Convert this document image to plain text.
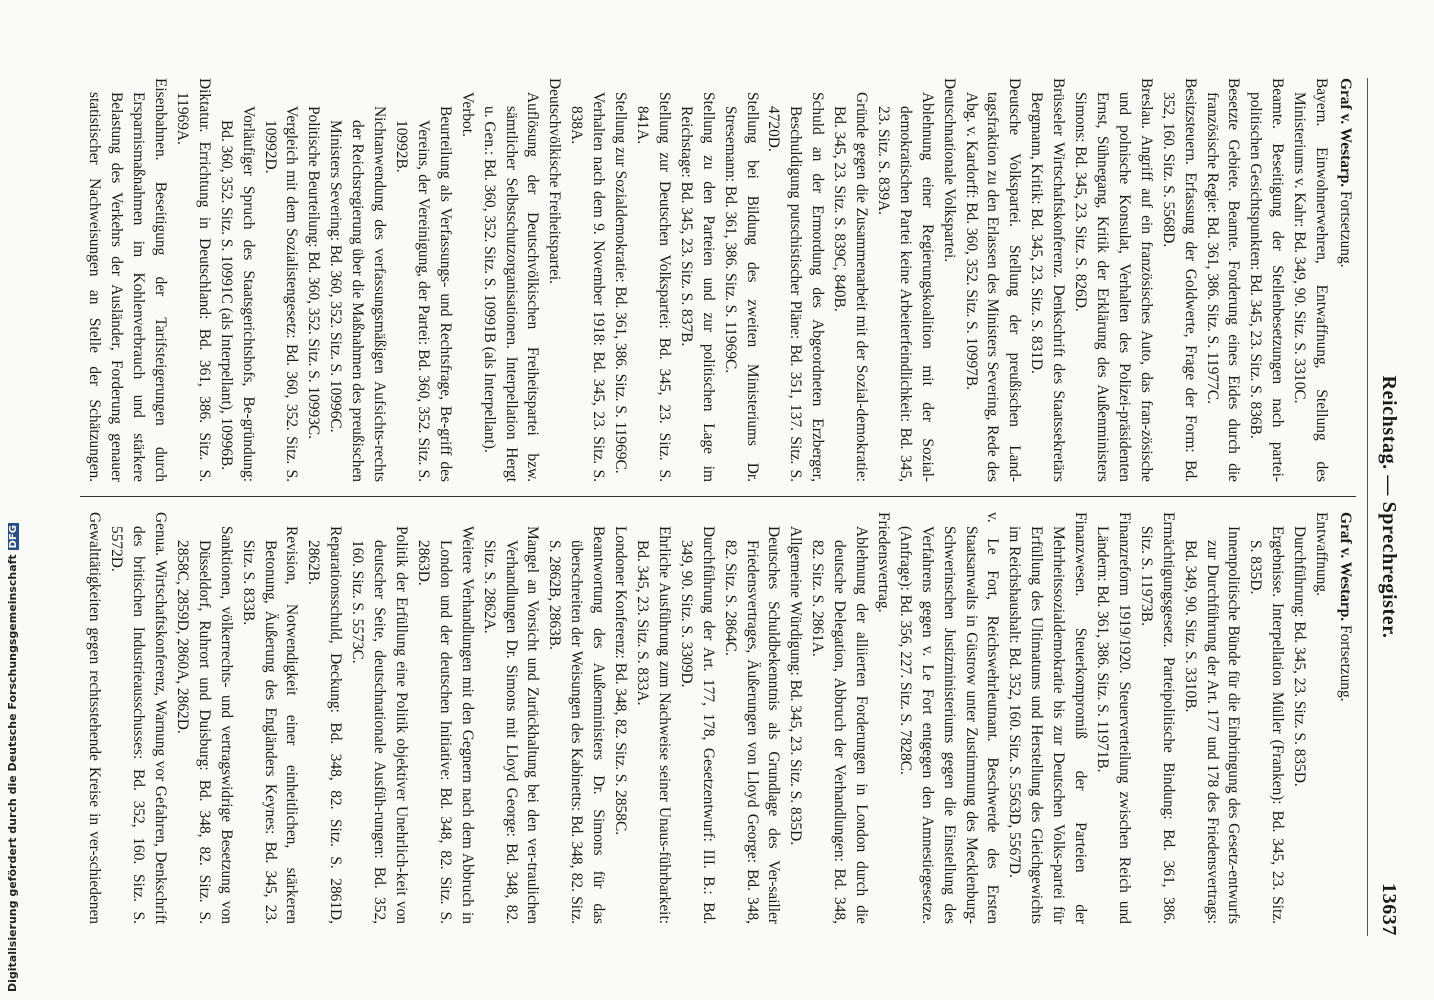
Reichstag. — Sprechregister.
13637

Graf v. Westarp. Fortsetzung.

Bayern. Einwohnerwehren, Entwaffnung, Stellung des Ministeriums v. Kahr: Bd. 349, 90. Sitz. S. 3310C.

Beamte. Beseitigung der Stellenbesetzungen nach partei-politischen Gesichtspunkten: Bd. 345, 23. Sitz. S. 836B.

Besetzte Gebiete. Beamte. Forderung eines Eides durch die französische Regie: Bd. 361, 386. Sitz. S. 11977C.

Besitzsteuern. Erfassung der Goldwerte, Frage der Form: Bd. 352, 160. Sitz. S. 5568D.

Breslau. Angriff auf ein französisches Auto, das fran-zösische und polnische Konsulat, Verhalten des Polizei-präsidenten Ernst, Sühnegang, Kritik der Erklärung des Außenministers Simons: Bd. 345, 23. Sitz. S. 826D.

Brüsseler Wirtschaftskonferenz. Denkschrift des Staatssekretärs Bergmann, Kritik: Bd. 345, 23. Sitz. S. 831D.

Deutsche Volkspartei. Stellung der preußischen Land-tagsfraktion zu den Erlassen des Ministers Severing, Rede des Abg. v. Kardorff: Bd. 360, 352. Sitz. S. 10997B.

Deutschnationale Volkspartei.

Ablehnung einer Regierungskoalition mit der Sozial-demokratischen Partei keine Arbeiterfeindlichkeit: Bd. 345, 23. Sitz. S. 839A.

Gründe gegen die Zusammenarbeit mit der Sozial-demokratie: Bd. 345, 23. Sitz. S. 839C, 840B.

Schuld an der Ermordung des Abgeordneten Erzberger, Beschuldigung putschistischer Pläne: Bd. 351, 137. Sitz. S. 4720D.

Stellung bei Bildung des zweiten Ministeriums Dr. Stresemann: Bd. 361, 386. Sitz. S. 11969C.

Stellung zu den Parteien und zur politischen Lage im Reichstage: Bd. 345, 23. Sitz. S. 837B.

Stellung zur Deutschen Volkspartei: Bd. 345, 23. Sitz. S. 841A.

Stellung zur Sozialdemokratie: Bd. 361, 386. Sitz. S. 11969C.

Verhalten nach dem 9. November 1918: Bd. 345, 23. Sitz. S. 838A.

Deutschvölkische Freiheitspartei.

Auflösung der Deutschvölkischen Freiheitspartei bzw. sämtlicher Selbstschutzorganisationen. Interpellation Hergt u. Gen.: Bd. 360, 352. Sitz. S. 10991B (als Interpellant).

Verbot.

Beurteilung als Verfassungs- und Rechtsfrage, Be-griff des Vereins, der Vereinigung, der Partei: Bd. 360, 352. Sitz. S. 10992B.

Nichtanwendung des verfassungsmäßigen Aufsichts-rechts der Reichsregierung über die Maßnahmen des preußischen Ministers Severing: Bd. 360, 352. Sitz. S. 10996C.

Politische Beurteilung: Bd. 360, 352. Sitz. S. 10993C.

Vergleich mit dem Sozialistengesetz: Bd. 360, 352. Sitz. S. 10992D.

Vorläufiger Spruch des Staatsgerichtshofs, Be-gründung: Bd. 360, 352. Sitz. S. 10991C (als Interpellant), 10996B.

Diktatur. Errichtung in Deutschland: Bd. 361, 386. Sitz. S. 11969A.

Eisenbahnen. Beseitigung der Tarifsteigerungen durch Ersparnismaßnahmen im Kohlenverbrauch und stärkere Belastung des Verkehrs der Ausländer, Forderung genauer statistischer Nachweisungen an Stelle der Schätzungen.

Graf v. Westarp. Fortsetzung.

Entwaffnung.

Durchführung: Bd. 345, 23. Sitz. S. 835D.

Ergebnisse. Interpellation Müller (Franken): Bd. 345, 23. Sitz. S. 835D.

Innenpolitische Bünde für die Einbringung des Gesetz-entwurfs zur Durchführung der Art. 177 und 178 des Friedensvertrags: Bd. 349, 90. Sitz. S. 3310B.

Ermächtigungsgesetz. Parteipolitische Bindung: Bd. 361, 386. Sitz. S. 11973B.

Finanzreform 1919/1920. Steuerverteilung zwischen Reich und Ländern: Bd. 361, 386. Sitz. S. 11971B.

Finanzwesen. Steuerkompromiß der Parteien der Mehrheitssozialdemokratie bis zur Deutschen Volks-partei für Erfüllung des Ultimatums und Herstellung des Gleichgewichts im Reichshaushalt: Bd. 352, 160. Sitz. S. 5563D, 5567D.

v. Le Fort, Reichswehrleutnant. Beschwerde des Ersten Staatsanwalts in Güstrow unter Zustimmung des Mecklenburg-Schwerinschen Justizministeriums gegen die Einstellung des Verfahrens gegen v. Le Fort entgegen den Amnestiegesetze. (Anfrage): Bd. 356, 227. Sitz. S. 7828C.

Friedensvertrag.

Ablehnung der alliierten Forderungen in London durch die deutsche Delegation, Abbruch der Verhandlungen: Bd. 348, 82. Sitz. S. 2861A.

Allgemeine Würdigung: Bd. 345, 23. Sitz. S. 835D.

Deutsches Schuldbekenntnis als Grundlage des Ver-sailler Friedensvertrages, Äußerungen von Lloyd George: Bd. 348, 82. Sitz. S. 2864C.

Durchführung der Art. 177, 178, Gesetzentwurf: III. B.: Bd. 349, 90. Sitz. S. 3309D.

Ehrliche Ausführung zum Nachweise seiner Unaus-führbarkeit: Bd. 345, 23. Sitz. S. 833A.

Londoner Konferenz: Bd. 348, 82. Sitz. S. 2858C.

Beantwortung des Außenministers Dr. Simons für das überschreiten der Weisungen des Kabinetts: Bd. 348, 82. Sitz. S. 2862B, 2863B.

Mangel an Vorsicht und Zurückhaltung bei den ver-traulichen Verhandlungen Dr. Simons mit Lloyd George: Bd. 348, 82. Sitz. S. 2862A.

Weitere Verhandlungen mit den Gegnern nach dem Abbruch in London und der deutschen Initiative: Bd. 348, 82. Sitz. S. 2863D.

Politik der Erfüllung eine Politik objektiver Unehrlich-keit von deutscher Seite, deutschnationale Ausfüh-rungen: Bd. 352, 160. Sitz. S. 5573C.

Reparationsschuld, Deckung: Bd. 348, 82. Sitz. S. 2861D, 2862B.

Revision, Notwendigkeit einer einheitlichen, stärkeren Betonung, Äußerung des Engländers Keynes: Bd. 345, 23. Sitz. S. 833B.

Sanktionen, völkerrechts- und vertragswidrige Besetzung von Düsseldorf, Ruhrort und Duisburg: Bd. 348, 82. Sitz. S. 2858C, 2859D, 2860A, 2862D.

Genua. Wirtschaftskonferenz, Warnung vor Gefahren, Denkschrift des britischen Industrieausschusses: Bd. 352, 160. Sitz. S. 5572D.

Gewalttätigkeiten gegen rechtsstehende Kreise in ver-schiedenen

Digitalisierung gefördert durch die Deutsche ForschungsgemeinschaftDFG
